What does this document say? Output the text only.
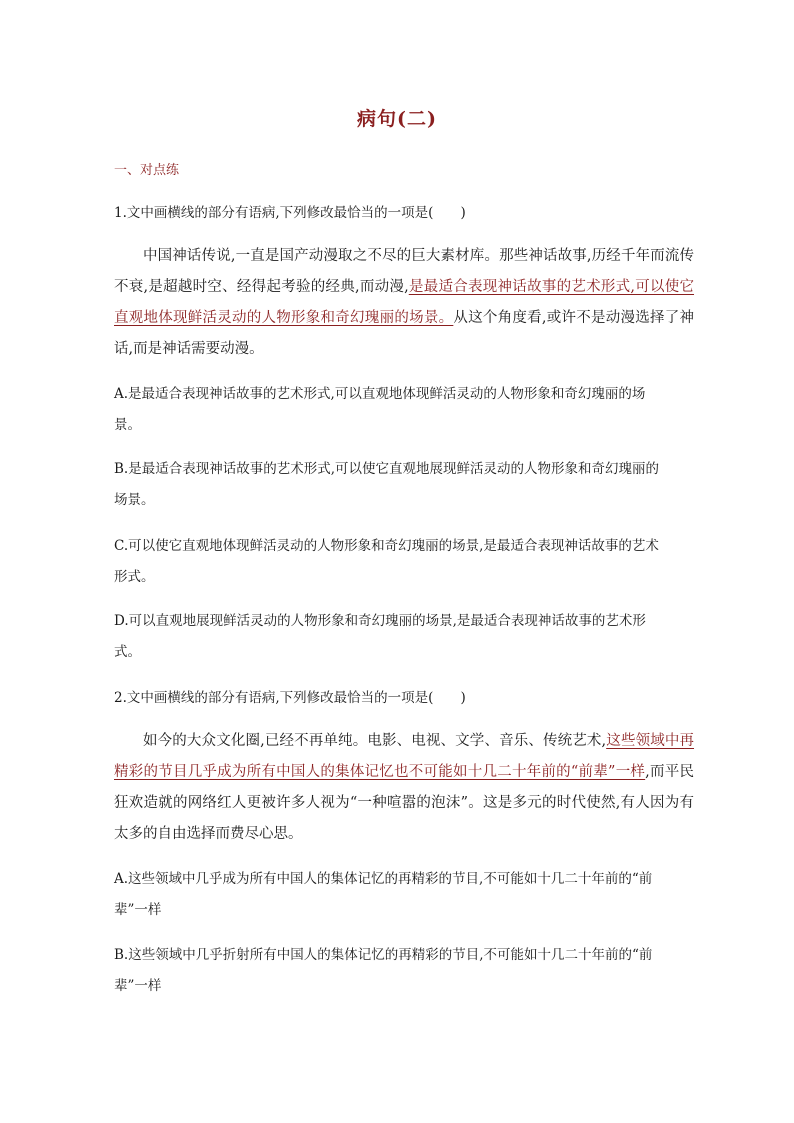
病句(二)
一、对点练
1.文中画横线的部分有语病,下列修改最恰当的一项是(　　)
中国神话传说,一直是国产动漫取之不尽的巨大素材库。那些神话故事,历经千年而流传不衰,是超越时空、经得起考验的经典,而动漫,是最适合表现神话故事的艺术形式,可以使它直观地体现鲜活灵动的人物形象和奇幻瑰丽的场景。从这个角度看,或许不是动漫选择了神话,而是神话需要动漫。
A.是最适合表现神话故事的艺术形式,可以直观地体现鲜活灵动的人物形象和奇幻瑰丽的场景。
B.是最适合表现神话故事的艺术形式,可以使它直观地展现鲜活灵动的人物形象和奇幻瑰丽的场景。
C.可以使它直观地体现鲜活灵动的人物形象和奇幻瑰丽的场景,是最适合表现神话故事的艺术形式。
D.可以直观地展现鲜活灵动的人物形象和奇幻瑰丽的场景,是最适合表现神话故事的艺术形式。
2.文中画横线的部分有语病,下列修改最恰当的一项是(　　)
如今的大众文化圈,已经不再单纯。电影、电视、文学、音乐、传统艺术,这些领域中再精彩的节目几乎成为所有中国人的集体记忆也不可能如十几二十年前的“前辈”一样,而平民狂欢造就的网络红人更被许多人视为“一种喧嚣的泡沫”。这是多元的时代使然,有人因为有太多的自由选择而费尽心思。
A.这些领域中几乎成为所有中国人的集体记忆的再精彩的节目,不可能如十几二十年前的“前辈”一样
B.这些领域中几乎折射所有中国人的集体记忆的再精彩的节目,不可能如十几二十年前的“前辈”一样
